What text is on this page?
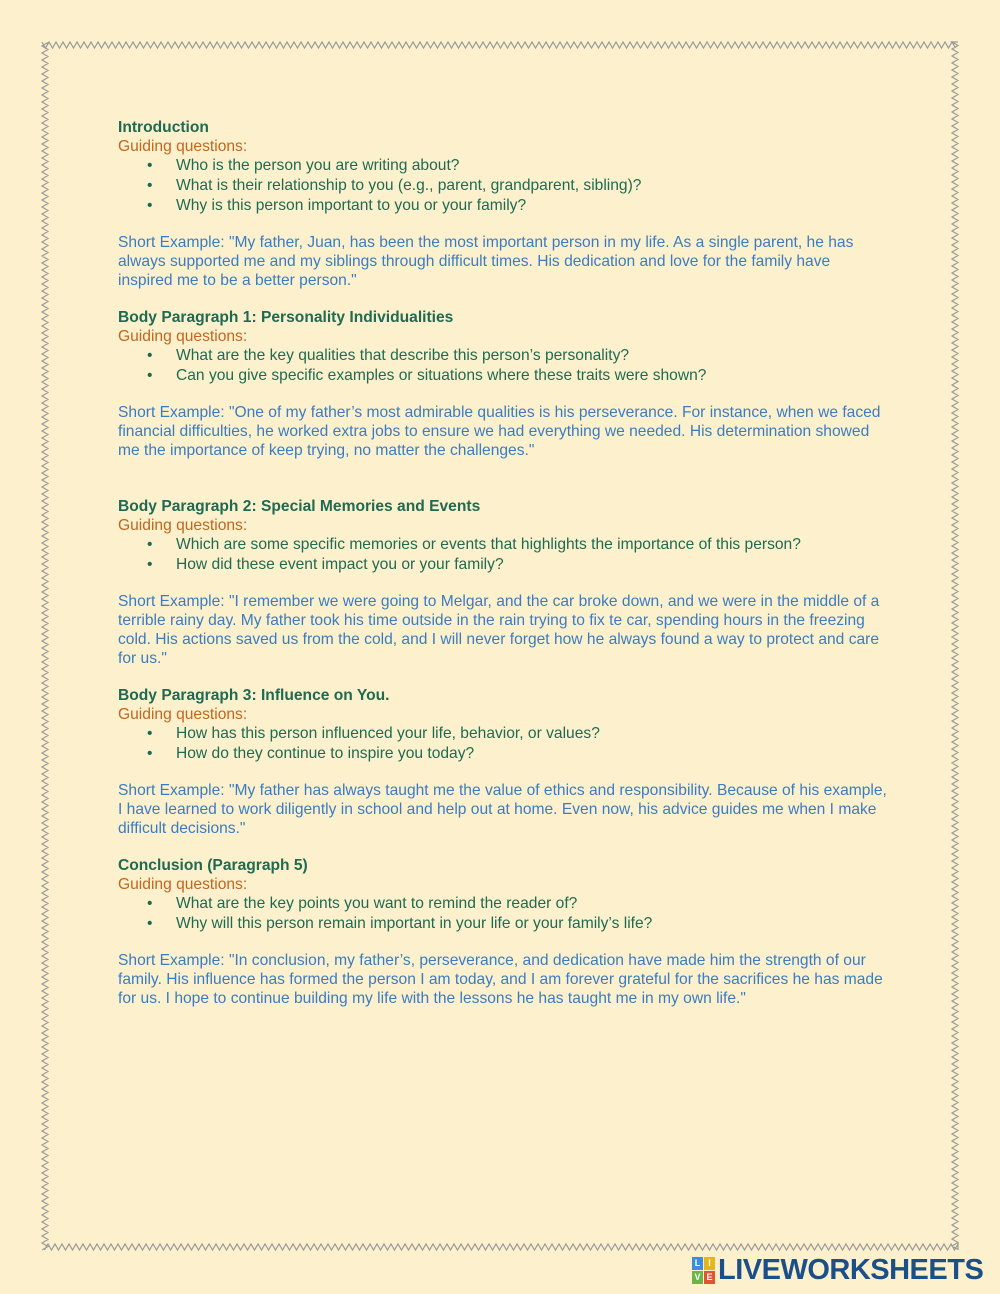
Introduction
Guiding questions:
• Who is the person you are writing about?
• What is their relationship to you (e.g., parent, grandparent, sibling)?
• Why is this person important to you or your family?
Short Example: "My father, Juan, has been the most important person in my life. As a single parent, he has always supported me and my siblings through difficult times. His dedication and love for the family have inspired me to be a better person."
Body Paragraph 1: Personality Individualities
Guiding questions:
• What are the key qualities that describe this person’s personality?
• Can you give specific examples or situations where these traits were shown?
Short Example: "One of my father’s most admirable qualities is his perseverance. For instance, when we faced financial difficulties, he worked extra jobs to ensure we had everything we needed. His determination showed me the importance of keep trying, no matter the challenges."
Body Paragraph 2: Special Memories and Events
Guiding questions:
• Which are some specific memories or events that highlights the importance of this person?
• How did these event impact you or your family?
Short Example: "I remember we were going to Melgar, and the car broke down, and we were in the middle of a terrible rainy day. My father took his time outside in the rain trying to fix te car, spending hours in the freezing cold. His actions saved us from the cold, and I will never forget how he always found a way to protect and care for us."
Body Paragraph 3: Influence on You.
Guiding questions:
• How has this person influenced your life, behavior, or values?
• How do they continue to inspire you today?
Short Example: "My father has always taught me the value of ethics and responsibility. Because of his example, I have learned to work diligently in school and help out at home. Even now, his advice guides me when I make difficult decisions."
Conclusion (Paragraph 5)
Guiding questions:
• What are the key points you want to remind the reader of?
• Why will this person remain important in your life or your family’s life?
Short Example: "In conclusion, my father’s, perseverance, and dedication have made him the strength of our family. His influence has formed the person I am today, and I am forever grateful for the sacrifices he has made for us. I hope to continue building my life with the lessons he has taught me in my own life."
L I
V E LIVEWORKSHEETS
